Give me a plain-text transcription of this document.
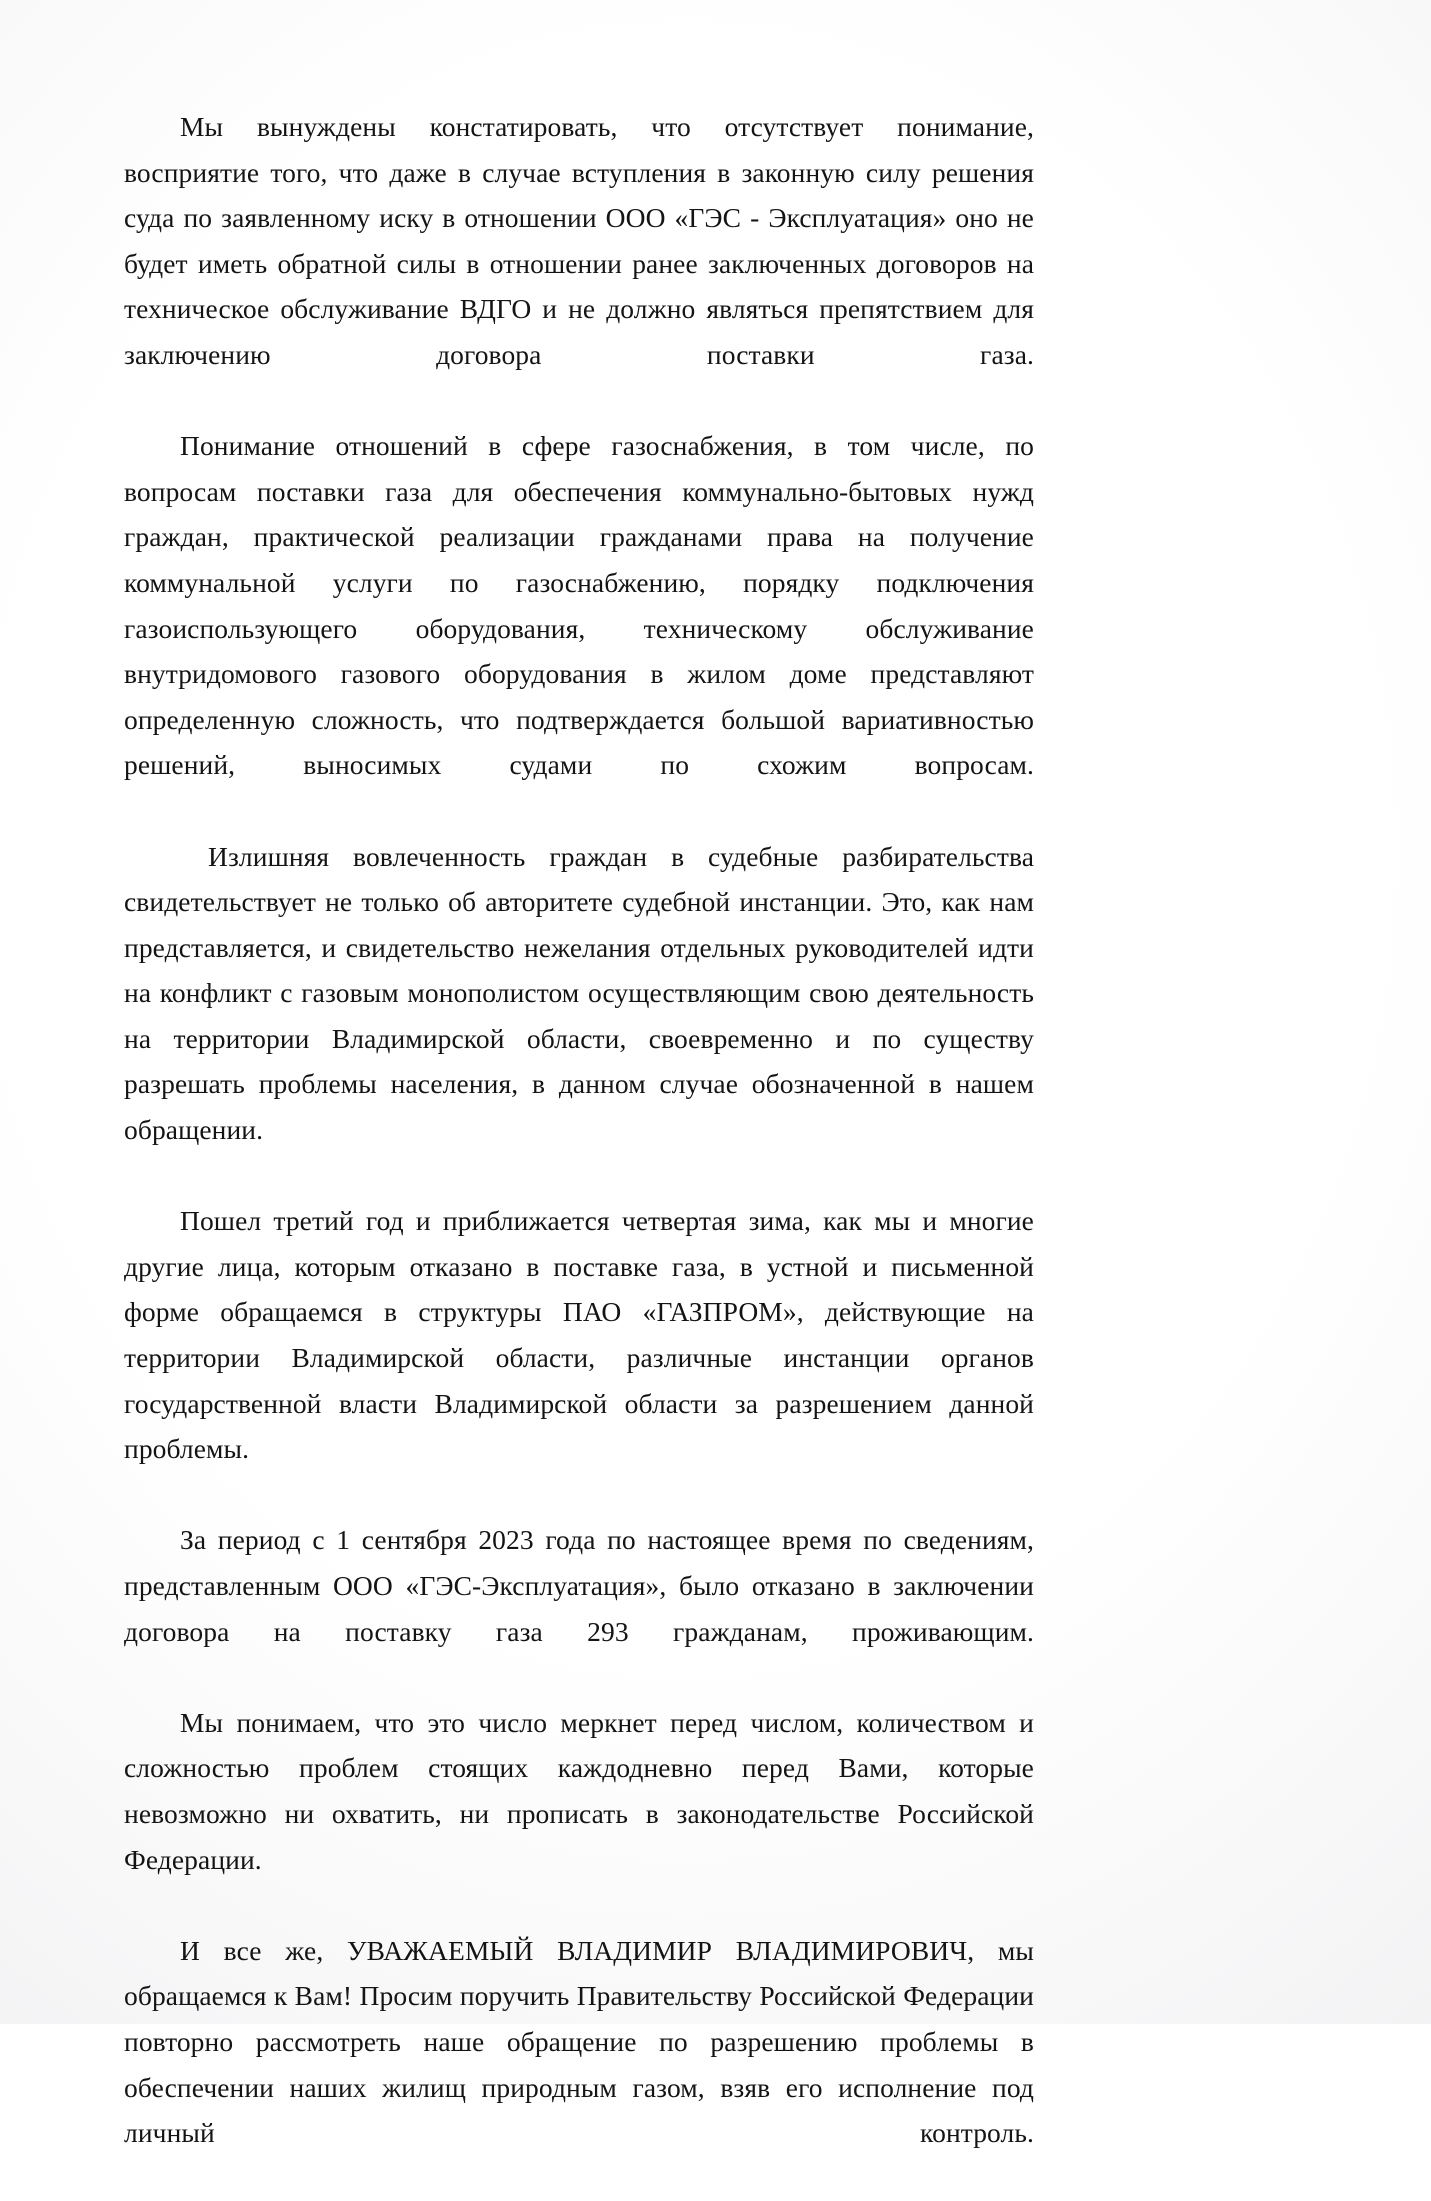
Мы вынуждены констатировать, что отсутствует понимание, восприятие того, что даже в случае вступления в законную силу решения суда по заявленному иску в отношении ООО «ГЭС - Эксплуатация» оно не будет иметь обратной силы в отношении ранее заключенных договоров на техническое обслуживание ВДГО и не должно являться препятствием для заключению договора поставки газа.

Понимание отношений в сфере газоснабжения, в том числе, по вопросам поставки газа для обеспечения коммунально-бытовых нужд граждан, практической реализации гражданами права на получение коммунальной услуги по газоснабжению, порядку подключения газоиспользующего оборудования, техническому обслуживание внутридомового газового оборудования в жилом доме представляют определенную сложность, что подтверждается большой вариативностью решений, выносимых судами по схожим вопросам.

Излишняя вовлеченность граждан в судебные разбирательства свидетельствует не только об авторитете судебной инстанции. Это, как нам представляется, и свидетельство нежелания отдельных руководителей идти на конфликт с газовым монополистом осуществляющим свою деятельность на территории Владимирской области, своевременно и по существу разрешать проблемы населения, в данном случае обозначенной в нашем обращении.

Пошел третий год и приближается четвертая зима, как мы и многие другие лица, которым отказано в поставке газа, в устной и письменной форме обращаемся в структуры ПАО «ГАЗПРОМ», действующие на территории Владимирской области, различные инстанции органов государственной власти Владимирской области за разрешением данной проблемы.

За период с 1 сентября 2023 года по настоящее время по сведениям, представленным ООО «ГЭС-Эксплуатация», было отказано в заключении договора на поставку газа 293 гражданам, проживающим.

Мы понимаем, что это число меркнет перед числом, количеством и сложностью проблем стоящих каждодневно перед Вами, которые невозможно ни охватить, ни прописать в законодательстве Российской Федерации.

И все же, УВАЖАЕМЫЙ ВЛАДИМИР ВЛАДИМИРОВИЧ, мы обращаемся к Вам! Просим поручить Правительству Российской Федерации повторно рассмотреть наше обращение по разрешению проблемы в обеспечении наших жилищ природным газом, взяв его исполнение под личный контроль.
